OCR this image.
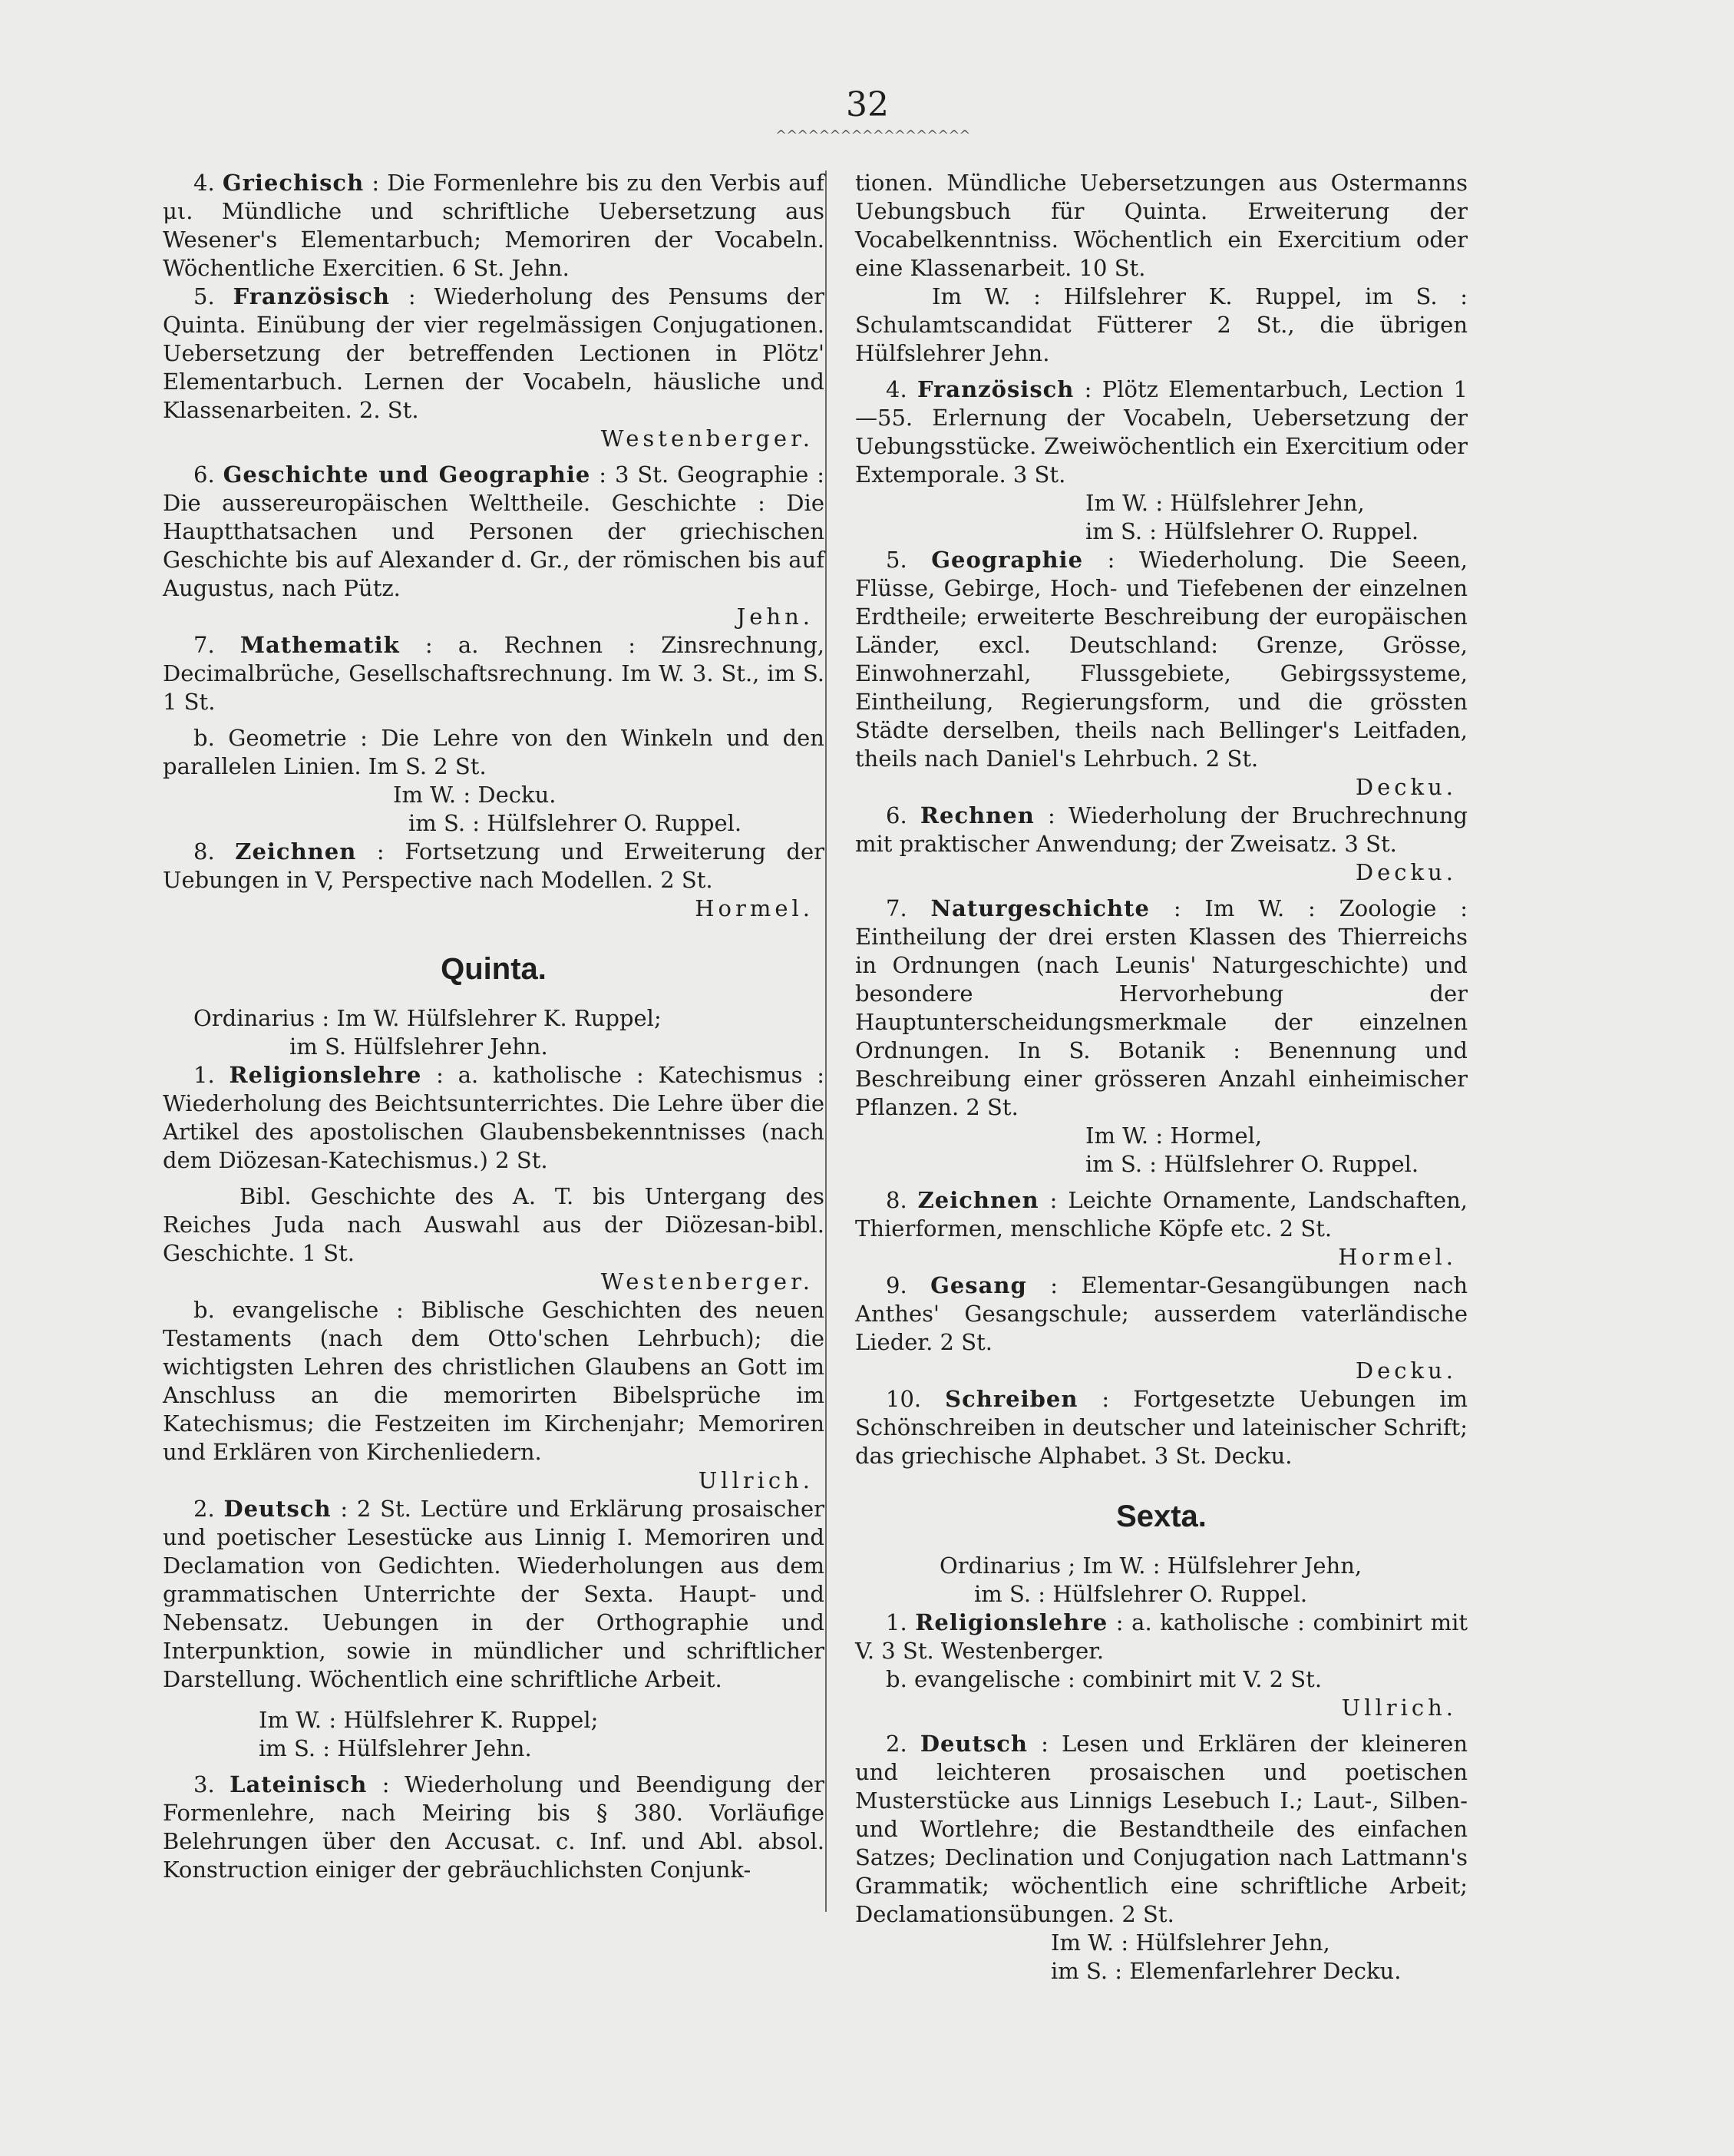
32
^^^^^^^^^^^^^^^^^^

4. Griechisch : Die Formenlehre bis zu den Verbis auf μι. Mündliche und schriftliche Uebersetzung aus Wesener's Elementarbuch; Memoriren der Vocabeln. Wöchentliche Exercitien. 6 St. Jehn.

5. Französisch : Wiederholung des Pensums der Quinta. Einübung der vier regelmässigen Conjugationen. Uebersetzung der betreffenden Lectionen in Plötz' Elementarbuch. Lernen der Vocabeln, häusliche und Klassenarbeiten. 2. St.

Westenberger.

6. Geschichte und Geographie : 3 St. Geographie : Die aussereuropäischen Welttheile. Geschichte : Die Hauptthatsachen und Personen der griechischen Geschichte bis auf Alexander d. Gr., der römischen bis auf Augustus, nach Pütz.

Jehn.

7. Mathematik : a. Rechnen : Zinsrechnung, Decimalbrüche, Gesellschaftsrechnung. Im W. 3. St., im S. 1 St.

b. Geometrie : Die Lehre von den Winkeln und den parallelen Linien. Im S. 2 St.

Im W. : Decku.

im S. : Hülfslehrer O. Ruppel.

8. Zeichnen : Fortsetzung und Erweiterung der Uebungen in V, Perspective nach Modellen. 2 St.

Hormel.

Quinta.

Ordinarius : Im W. Hülfslehrer K. Ruppel;

im S. Hülfslehrer Jehn.

1. Religionslehre : a. katholische : Katechismus : Wiederholung des Beichtsunterrichtes. Die Lehre über die Artikel des apostolischen Glaubensbekenntnisses (nach dem Diözesan-Katechismus.) 2 St.

Bibl. Geschichte des A. T. bis Untergang des Reiches Juda nach Auswahl aus der Diözesan-bibl. Geschichte. 1 St.

Westenberger.

b. evangelische : Biblische Geschichten des neuen Testaments (nach dem Otto'schen Lehrbuch); die wichtigsten Lehren des christlichen Glaubens an Gott im Anschluss an die memorirten Bibelsprüche im Katechismus; die Festzeiten im Kirchenjahr; Memoriren und Erklären von Kirchenliedern.

Ullrich.

2. Deutsch : 2 St. Lectüre und Erklärung prosaischer und poetischer Lesestücke aus Linnig I. Memoriren und Declamation von Gedichten. Wiederholungen aus dem grammatischen Unterrichte der Sexta. Haupt- und Nebensatz. Uebungen in der Orthographie und Interpunktion, sowie in mündlicher und schriftlicher Darstellung. Wöchentlich eine schriftliche Arbeit.

Im W. : Hülfslehrer K. Ruppel;

im S. : Hülfslehrer Jehn.

3. Lateinisch : Wiederholung und Beendigung der Formenlehre, nach Meiring bis § 380. Vorläufige Belehrungen über den Accusat. c. Inf. und Abl. absol. Konstruction einiger der gebräuchlichsten Conjunk-

tionen. Mündliche Uebersetzungen aus Ostermanns Uebungsbuch für Quinta. Erweiterung der Vocabelkenntniss. Wöchentlich ein Exercitium oder eine Klassenarbeit. 10 St.

Im W. : Hilfslehrer K. Ruppel, im S. : Schulamtscandidat Fütterer 2 St., die übrigen Hülfslehrer Jehn.

4. Französisch : Plötz Elementarbuch, Lection 1—55. Erlernung der Vocabeln, Uebersetzung der Uebungsstücke. Zweiwöchentlich ein Exercitium oder Extemporale. 3 St.

Im W. : Hülfslehrer Jehn,

im S. : Hülfslehrer O. Ruppel.

5. Geographie : Wiederholung. Die Seeen, Flüsse, Gebirge, Hoch- und Tiefebenen der einzelnen Erdtheile; erweiterte Beschreibung der europäischen Länder, excl. Deutschland: Grenze, Grösse, Einwohnerzahl, Flussgebiete, Gebirgssysteme, Eintheilung, Regierungsform, und die grössten Städte derselben, theils nach Bellinger's Leitfaden, theils nach Daniel's Lehrbuch. 2 St.

Decku.

6. Rechnen : Wiederholung der Bruchrechnung mit praktischer Anwendung; der Zweisatz. 3 St.

Decku.

7. Naturgeschichte : Im W. : Zoologie : Eintheilung der drei ersten Klassen des Thierreichs in Ordnungen (nach Leunis' Naturgeschichte) und besondere Hervorhebung der Hauptunterscheidungsmerkmale der einzelnen Ordnungen. In S. Botanik : Benennung und Beschreibung einer grösseren Anzahl einheimischer Pflanzen. 2 St.

Im W. : Hormel,

im S. : Hülfslehrer O. Ruppel.

8. Zeichnen : Leichte Ornamente, Landschaften, Thierformen, menschliche Köpfe etc. 2 St.

Hormel.

9. Gesang : Elementar-Gesangübungen nach Anthes' Gesangschule; ausserdem vaterländische Lieder. 2 St.

Decku.

10. Schreiben : Fortgesetzte Uebungen im Schönschreiben in deutscher und lateinischer Schrift; das griechische Alphabet. 3 St. Decku.

Sexta.

Ordinarius ; Im W. : Hülfslehrer Jehn,

im S. : Hülfslehrer O. Ruppel.

1. Religionslehre : a. katholische : combinirt mit V. 3 St. Westenberger.

b. evangelische : combinirt mit V. 2 St.

Ullrich.

2. Deutsch : Lesen und Erklären der kleineren und leichteren prosaischen und poetischen Musterstücke aus Linnigs Lesebuch I.; Laut-, Silben- und Wortlehre; die Bestandtheile des einfachen Satzes; Declination und Conjugation nach Lattmann's Grammatik; wöchentlich eine schriftliche Arbeit; Declamationsübungen. 2 St.

Im W. : Hülfslehrer Jehn,

im S. : Elemenfarlehrer Decku.
